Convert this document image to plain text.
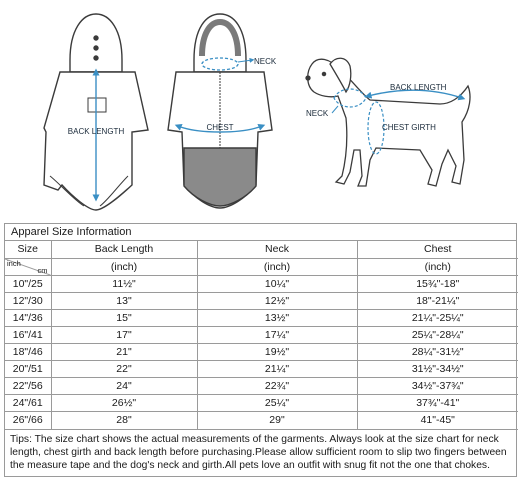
BACK LENGTH
NECK
CHEST
NECK
BACK LENGTH
CHEST GIRTH
Apparel Size Information
Size	Back Length	Neck	Chest

inch
cm	(inch)	(inch)	(inch)
10"/25	11½"	10¼"	15¾"-18"
12"/30	13"	12½"	18"-21¼"
14"/36	15"	13½"	21¼"-25¼"
16"/41	17"	17¼"	25¼"-28¼"
18"/46	21"	19½"	28¼"-31½"
20"/51	22"	21¼"	31½"-34½"
22"/56	24"	22¾"	34½"-37¾"
24"/61	26½"	25¼"	37¾"-41"
26"/66	28"	29"	41"-45"
Tips: The size chart shows the actual measurements of the garments. Always look at the size chart for neck length, chest girth and back length before purchasing.Please allow sufficient room to slip two fingers between the measure tape and the dog's neck and girth.All pets love an outfit with snug fit not the one that chokes.
